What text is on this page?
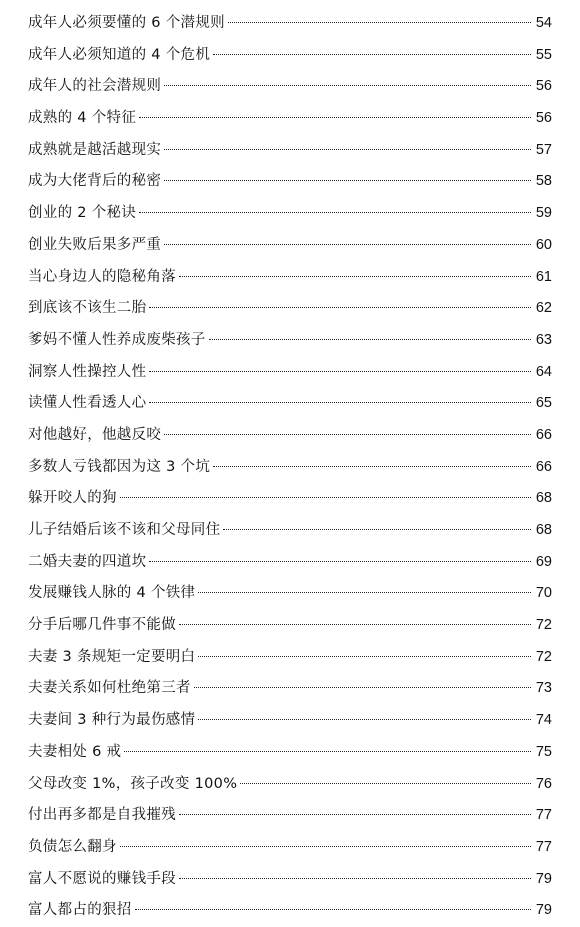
成年人必须要懂的 6 个潜规则	54
成年人必须知道的 4 个危机	55
成年人的社会潜规则	56
成熟的 4 个特征	56
成熟就是越活越现实	57
成为大佬背后的秘密	58
创业的 2 个秘诀	59
创业失败后果多严重	60
当心身边人的隐秘角落	61
到底该不该生二胎	62
爹妈不懂人性养成废柴孩子	63
洞察人性操控人性	64
读懂人性看透人心	65
对他越好，他越反咬	66
多数人亏钱都因为这 3 个坑	66
躲开咬人的狗	68
儿子结婚后该不该和父母同住	68
二婚夫妻的四道坎	69
发展赚钱人脉的 4 个铁律	70
分手后哪几件事不能做	72
夫妻 3 条规矩一定要明白	72
夫妻关系如何杜绝第三者	73
夫妻间 3 种行为最伤感情	74
夫妻相处 6 戒	75
父母改变 1%，孩子改变 100%	76
付出再多都是自我摧残	77
负债怎么翻身	77
富人不愿说的赚钱手段	79
富人都占的狠招	79
